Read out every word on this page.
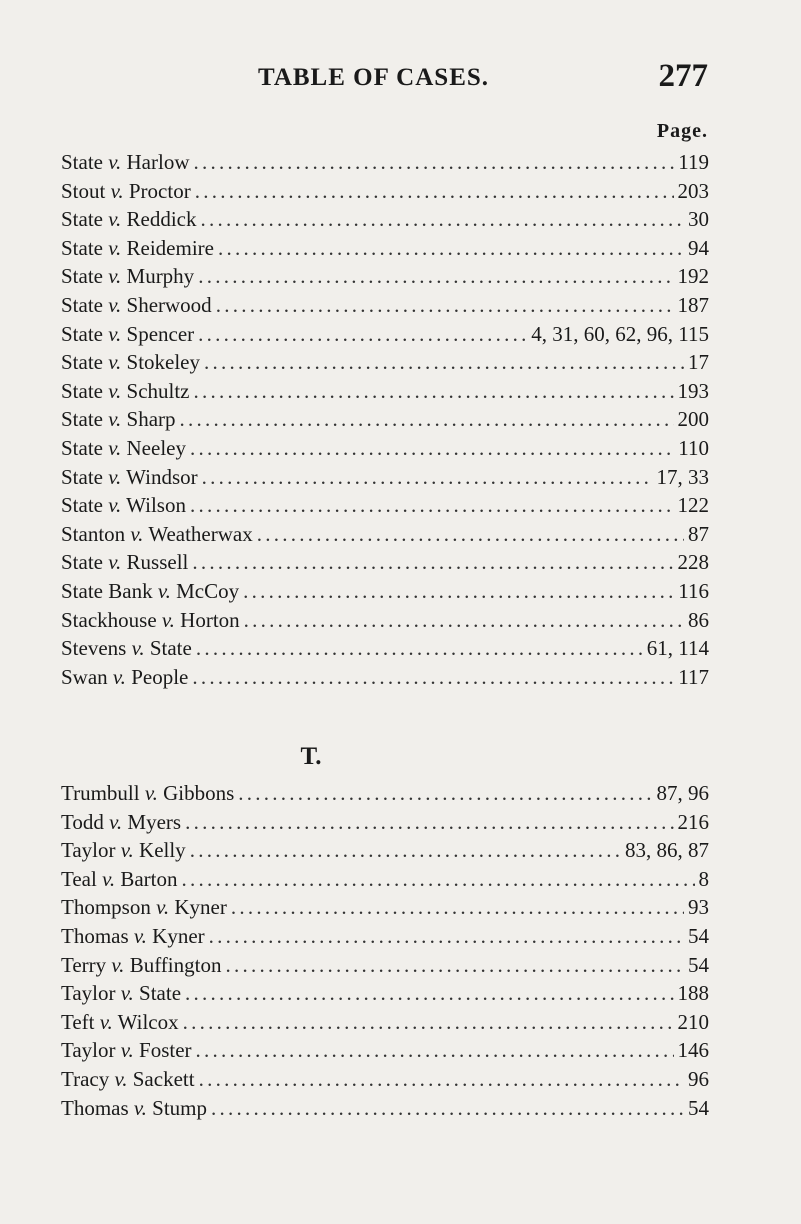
TABLE OF CASES.	277
Page.
State v. Harlow . . .	119
Stout v. Proctor . . .	203
State v. Reddick . . .	30
State v. Reidemire . . .	94
State v. Murphy . . .	192
State v. Sherwood . . .	187
State v. Spencer . . .	4, 31, 60, 62, 96, 115
State v. Stokeley . . .	17
State v. Schultz . . .	193
State v. Sharp . . .	200
State v. Neeley . . .	110
State v. Windsor . . .	17, 33
State v. Wilson . . .	122
Stanton v. Weatherwax . . .	87
State v. Russell . . .	228
State Bank v. McCoy . . .	116
Stackhouse v. Horton . . .	86
Stevens v. State . . .	61, 114
Swan v. People . . .	117
T.
Trumbull v. Gibbons . . .	87, 96
Todd v. Myers . . .	216
Taylor v. Kelly . . .	83, 86, 87
Teal v. Barton . . .	8
Thompson v. Kyner . . .	93
Thomas v. Kyner . . .	54
Terry v. Buffington . . .	54
Taylor v. State . . .	188
Teft v. Wilcox . . .	210
Taylor v. Foster . . .	146
Tracy v. Sackett . . .	96
Thomas v. Stump . . .	54
